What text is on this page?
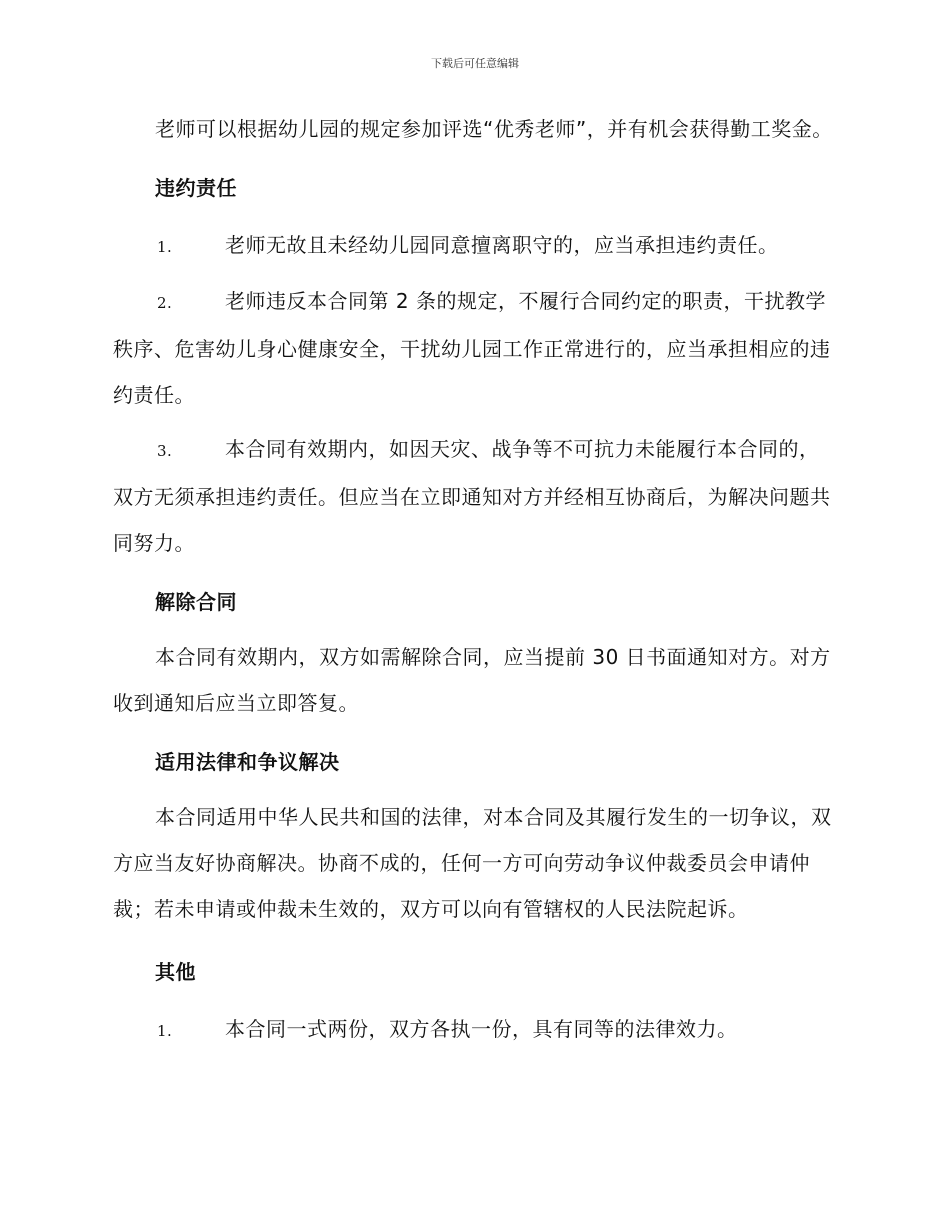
下载后可任意编辑

老师可以根据幼儿园的规定参加评选“优秀老师”，并有机会获得勤工奖金。

违约责任

1.	老师无故且未经幼儿园同意擅离职守的，应当承担违约责任。

2.	老师违反本合同第 2 条的规定，不履行合同约定的职责，干扰教学秩序、危害幼儿身心健康安全，干扰幼儿园工作正常进行的，应当承担相应的违约责任。

3.	本合同有效期内，如因天灾、战争等不可抗力未能履行本合同的，双方无须承担违约责任。但应当在立即通知对方并经相互协商后，为解决问题共同努力。

解除合同

本合同有效期内，双方如需解除合同，应当提前 30 日书面通知对方。对方收到通知后应当立即答复。

适用法律和争议解决

本合同适用中华人民共和国的法律，对本合同及其履行发生的一切争议，双方应当友好协商解决。协商不成的，任何一方可向劳动争议仲裁委员会申请仲裁；若未申请或仲裁未生效的，双方可以向有管辖权的人民法院起诉。

其他

1.	本合同一式两份，双方各执一份，具有同等的法律效力。
